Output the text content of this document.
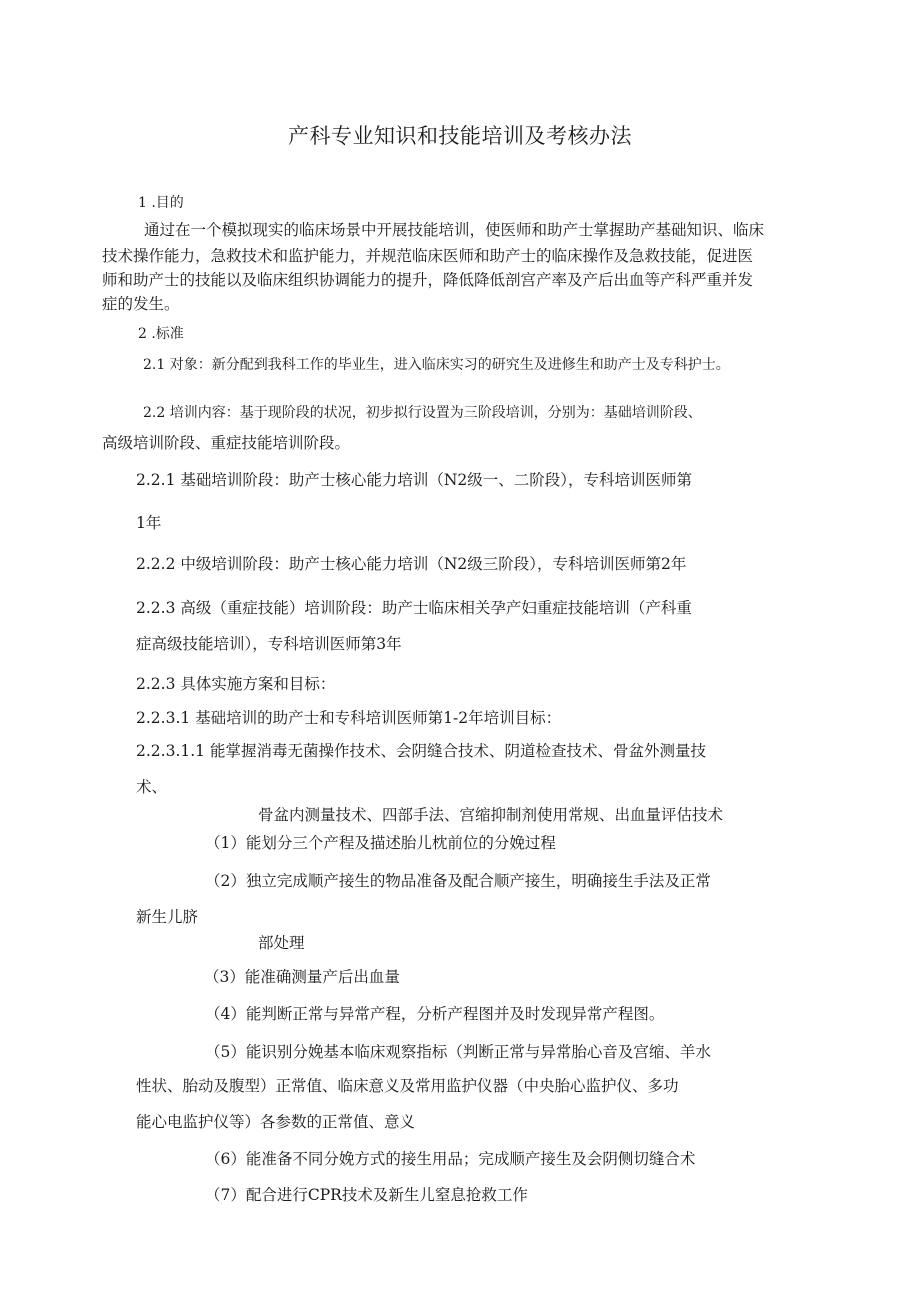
产科专业知识和技能培训及考核办法
1 .目的
通过在一个模拟现实的临床场景中开展技能培训，使医师和助产士掌握助产基础知识、临床
技术操作能力，急救技术和监护能力，并规范临床医师和助产士的临床操作及急救技能，促进医
师和助产士的技能以及临床组织协调能力的提升，降低降低剖宫产率及产后出血等产科严重并发
症的发生。
2 .标准
2.1 对象：新分配到我科工作的毕业生，进入临床实习的研究生及进修生和助产士及专科护士。
2.2 培训内容：基于现阶段的状况，初步拟行设置为三阶段培训，分别为：基础培训阶段、
高级培训阶段、重症技能培训阶段。
2.2.1 基础培训阶段：助产士核心能力培训（N2级一、二阶段），专科培训医师第
1年
2.2.2 中级培训阶段：助产士核心能力培训（N2级三阶段），专科培训医师第2年
2.2.3 高级（重症技能）培训阶段：助产士临床相关孕产妇重症技能培训（产科重
症高级技能培训），专科培训医师第3年
2.2.3 具体实施方案和目标：
2.2.3.1 基础培训的助产士和专科培训医师第1-2年培训目标：
2.2.3.1.1 能掌握消毒无菌操作技术、会阴缝合技术、阴道检查技术、骨盆外测量技
术、
骨盆内测量技术、四部手法、宫缩抑制剂使用常规、出血量评估技术
（1）能划分三个产程及描述胎儿枕前位的分娩过程
（2）独立完成顺产接生的物品准备及配合顺产接生，明确接生手法及正常
新生儿脐
部处理
（3）能准确测量产后出血量
（4）能判断正常与异常产程，分析产程图并及时发现异常产程图。
（5）能识别分娩基本临床观察指标（判断正常与异常胎心音及宫缩、羊水
性状、胎动及腹型）正常值、临床意义及常用监护仪器（中央胎心监护仪、多功
能心电监护仪等）各参数的正常值、意义
（6）能准备不同分娩方式的接生用品；完成顺产接生及会阴侧切缝合术
（7）配合进行CPR技术及新生儿窒息抢救工作
